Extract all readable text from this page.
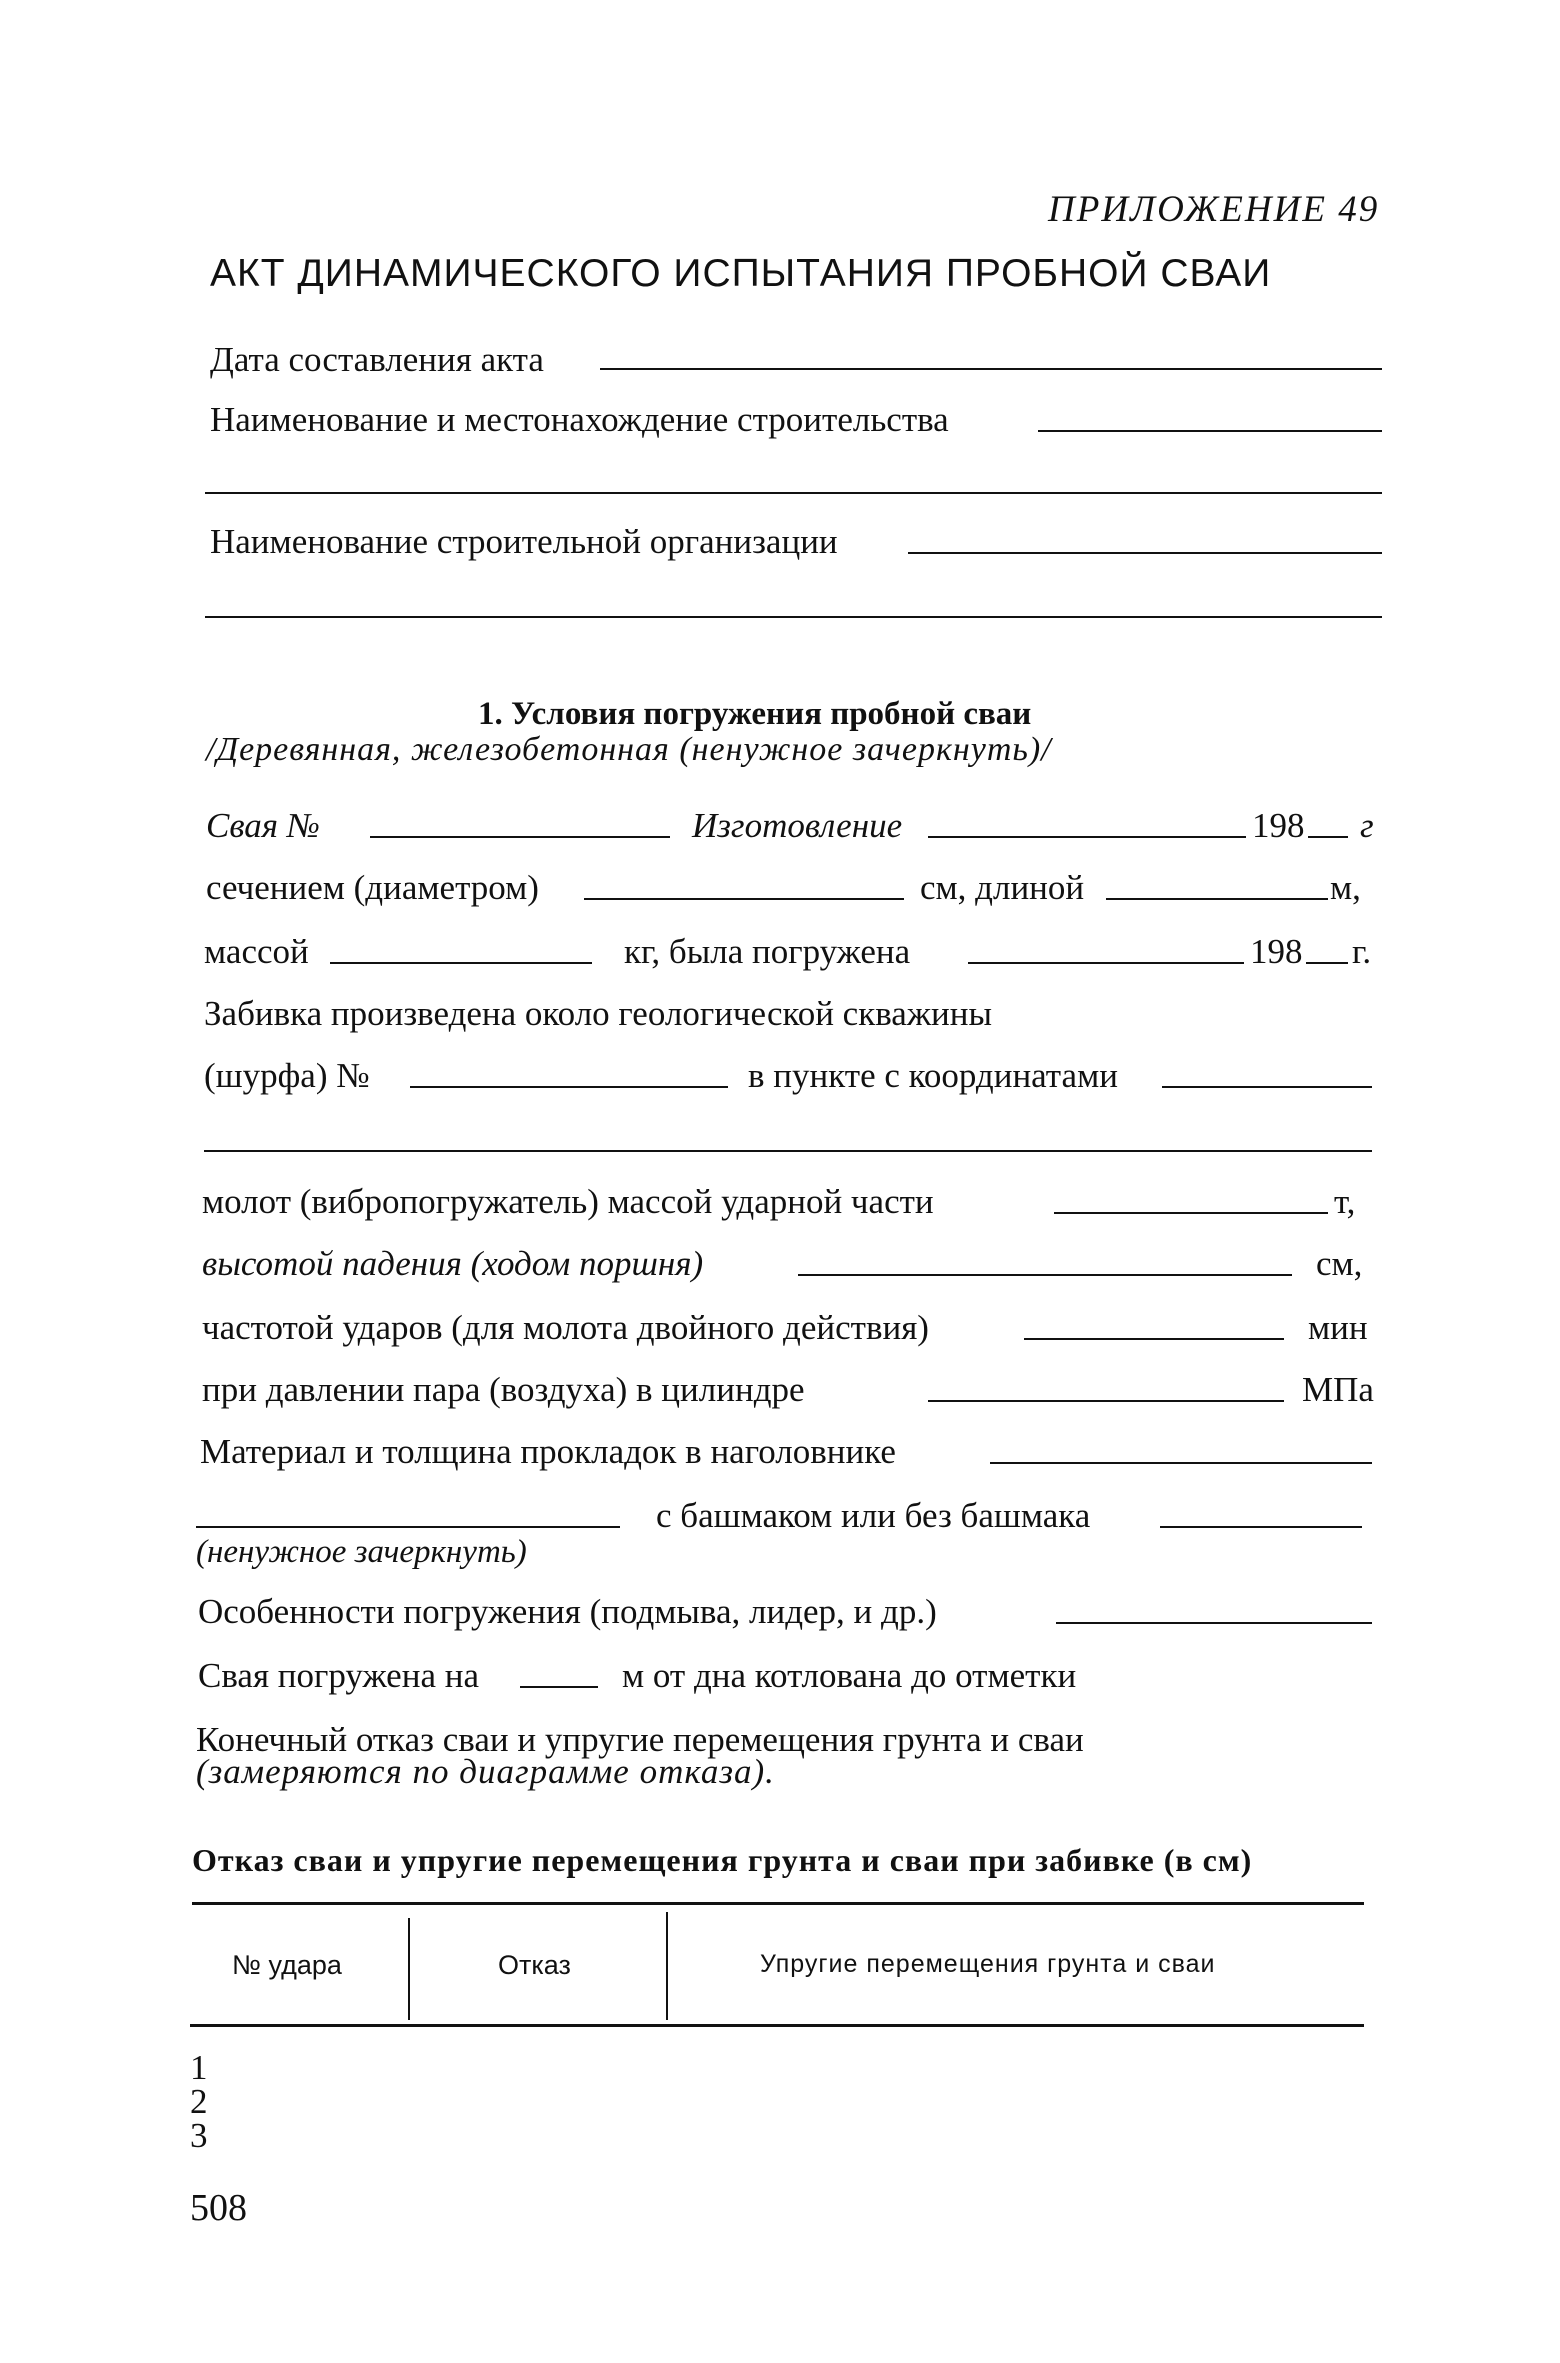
ПРИЛОЖЕНИЕ 49
АКТ ДИНАМИЧЕСКОГО ИСПЫТАНИЯ ПРОБНОЙ СВАИ
Дата составления акта
Наименование и местонахождение строительства
Наименование строительной организации
1. Условия погружения пробной сваи
/Деревянная, железобетонная (ненужное зачеркнуть)/
Свая №	Изготовление	198 г
сечением (диаметром)	см, длиной	м,
массой	кг, была погружена	198 г.
Забивка произведена около геологической скважины
(шурфа) №	в пункте с координатами
молот (вибропогружатель) массой ударной части	т,
высотой падения (ходом поршня)	см,
частотой ударов (для молота двойного действия)	мин
при давлении пара (воздуха) в цилиндре	МПа
Материал и толщина прокладок в наголовнике
с башмаком или без башмака
(ненужное зачеркнуть)
Особенности погружения (подмыва, лидер, и др.)
Свая погружена на	м от дна котлована до отметки
Конечный отказ сваи и упругие перемещения грунта и сваи
(замеряются по диаграмме отказа).
Отказ сваи и упругие перемещения грунта и сваи при забивке (в см)
№ удара	Отказ	Упругие перемещения грунта и сваи
1
2
3
508
